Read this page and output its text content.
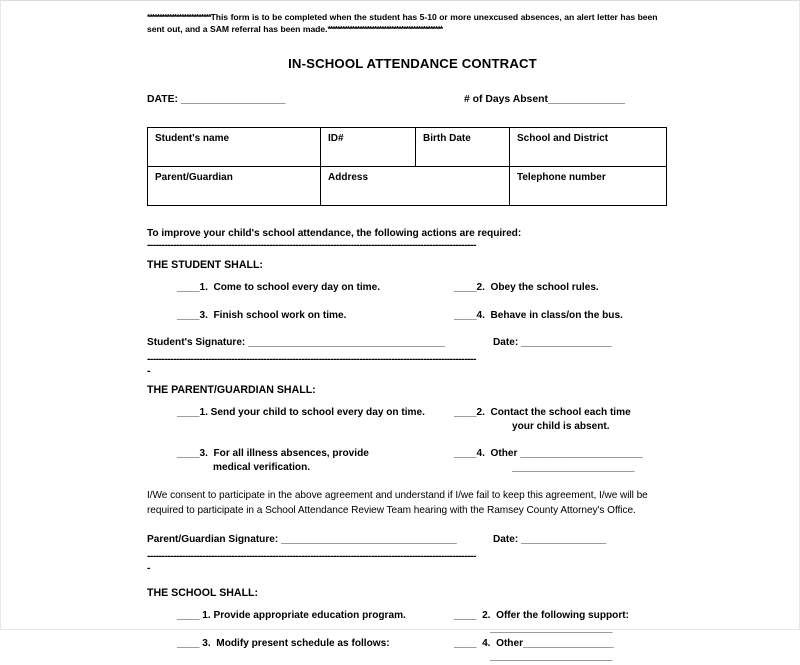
**************************This form is to be completed when the student has 5-10 or more unexcused absences, an alert letter has been sent out, and a SAM referral has been made.***********************************************
IN-SCHOOL ATTENDANCE CONTRACT
DATE: ___________________	# of Days Absent______________
Student's name	ID#	Birth Date	School and District
Parent/Guardian	Address		Telephone number
To improve your child's school attendance, the following actions are required:
-----------------------------------------------------------------------------------------------------------------
THE STUDENT SHALL:
____1.  Come to school every day on time.	____2.  Obey the school rules.
____3.  Finish school work on time.	____4.  Behave in class/on the bus.
Student's Signature: _____________________________________	Date: _________________
-----------------------------------------------------------------------------------------------------------------
-
THE PARENT/GUARDIAN SHALL:
____1. Send your child to school every day on time.	____2.  Contact the school each time
your child is absent.
____3.  For all illness absences, provide
medical verification.
____4.  Other _______________________
_______________________
I/We consent to participate in the above agreement and understand if I/we fail to keep this agreement, I/we will be required to participate in a School Attendance Review Team hearing with the Ramsey County Attorney's Office.
Parent/Guardian Signature: _________________________________	Date: ________________
-----------------------------------------------------------------------------------------------------------------
-
THE SCHOOL SHALL:
____ 1. Provide appropriate education program.	____  2.  Offer the following support:
_______________________
____ 3.  Modify present schedule as follows:	____  4.  Other_________________
_______________________
